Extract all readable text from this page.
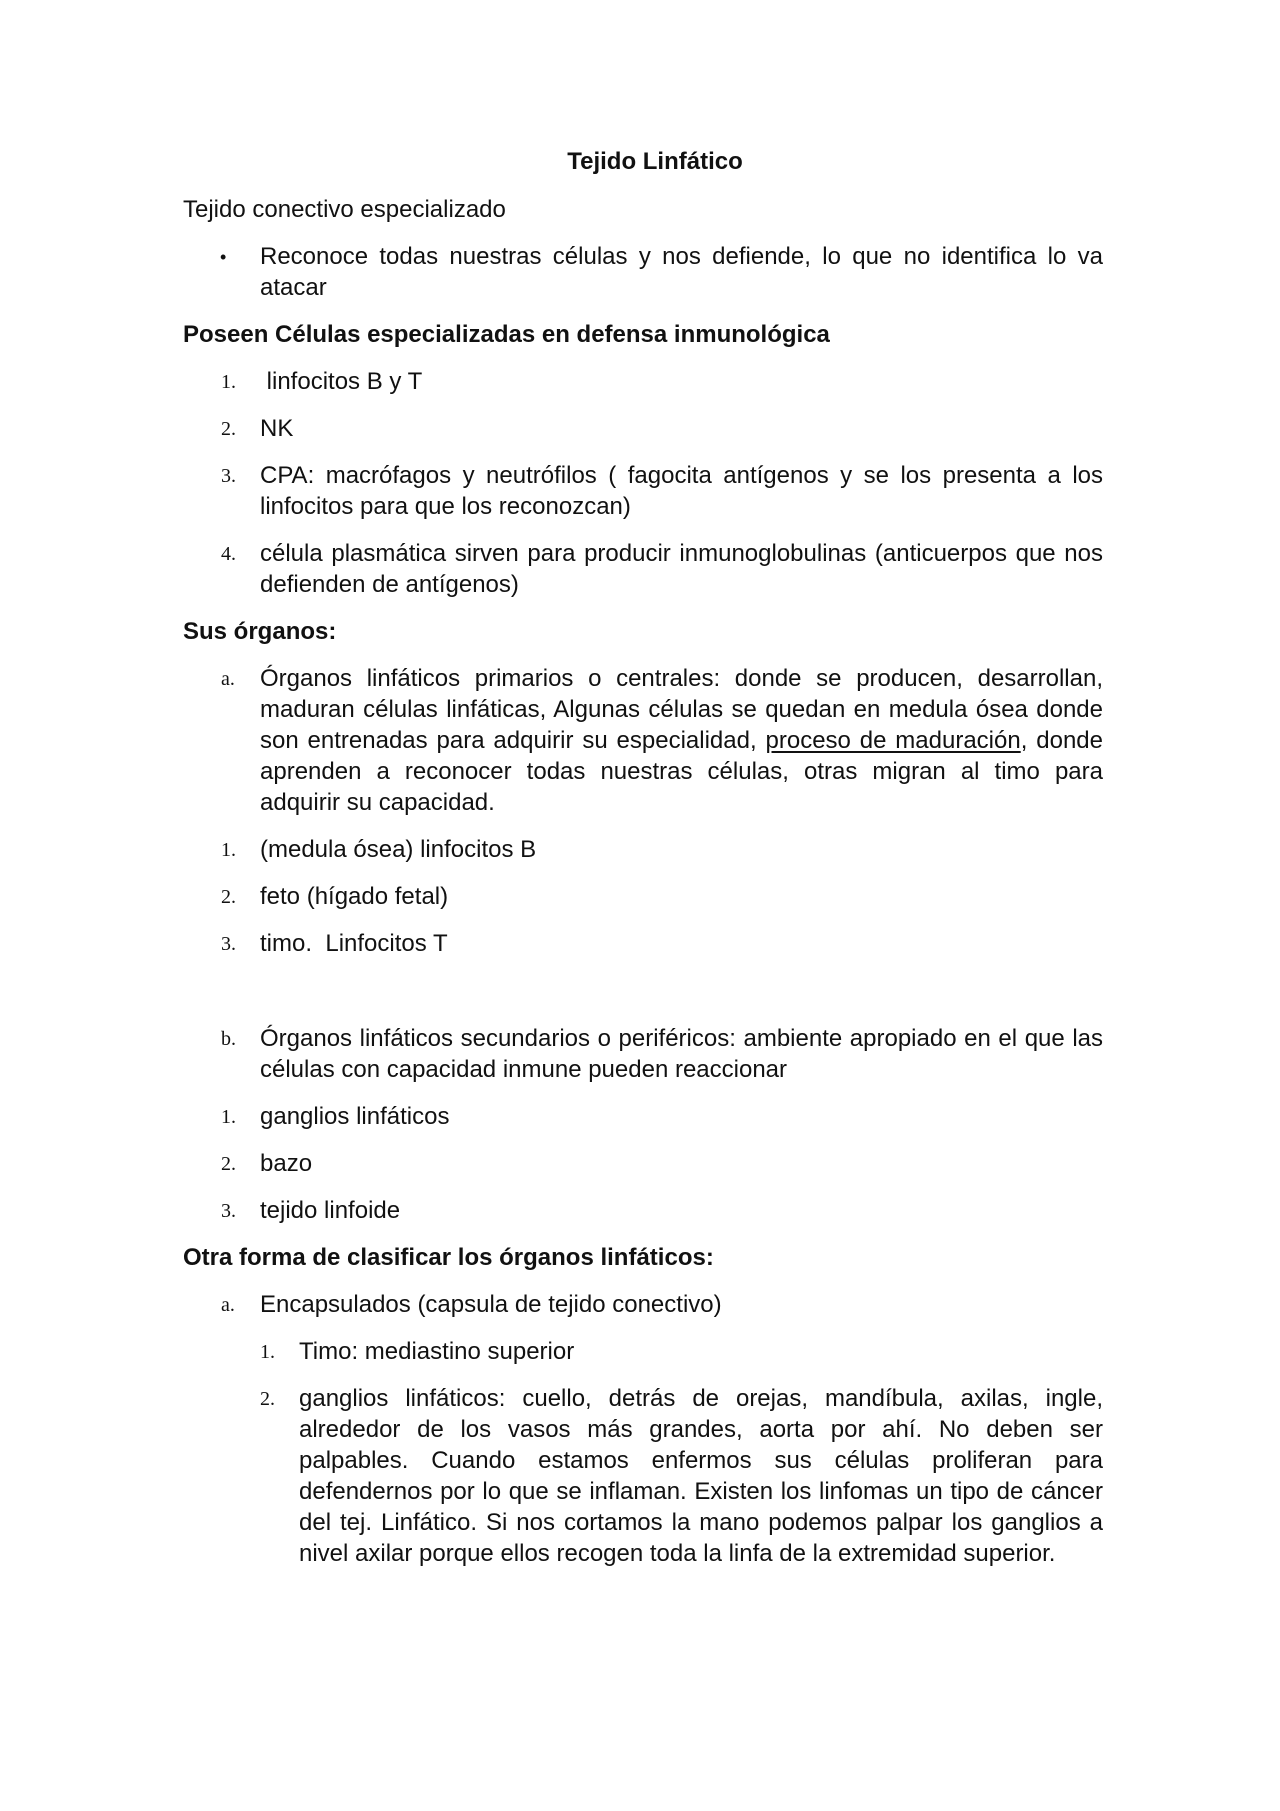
Tejido Linfático
Tejido conectivo especializado
• Reconoce todas nuestras células y nos defiende, lo que no identifica lo va atacar
Poseen Células especializadas en defensa inmunológica
1. linfocitos B y T
2. NK
3. CPA: macrófagos y neutrófilos ( fagocita antígenos y se los presenta a los linfocitos para que los reconozcan)
4. célula plasmática sirven para producir inmunoglobulinas (anticuerpos que nos defienden de antígenos)
Sus órganos:
a. Órganos linfáticos primarios o centrales: donde se producen, desarrollan, maduran células linfáticas, Algunas células se quedan en medula ósea donde son entrenadas para adquirir su especialidad, proceso de maduración, donde aprenden a reconocer todas nuestras células, otras migran al timo para adquirir su capacidad.
1. (medula ósea) linfocitos B
2. feto (hígado fetal)
3. timo.  Linfocitos T
b. Órganos linfáticos secundarios o periféricos: ambiente apropiado en el que las células con capacidad inmune pueden reaccionar
1. ganglios linfáticos
2. bazo
3. tejido linfoide
Otra forma de clasificar los órganos linfáticos:
a. Encapsulados (capsula de tejido conectivo)
1. Timo: mediastino superior
2. ganglios linfáticos: cuello, detrás de orejas, mandíbula, axilas, ingle, alrededor de los vasos más grandes, aorta por ahí. No deben ser palpables. Cuando estamos enfermos sus células proliferan para defendernos por lo que se inflaman. Existen los linfomas un tipo de cáncer del tej. Linfático. Si nos cortamos la mano podemos palpar los ganglios a nivel axilar porque ellos recogen toda la linfa de la extremidad superior.
